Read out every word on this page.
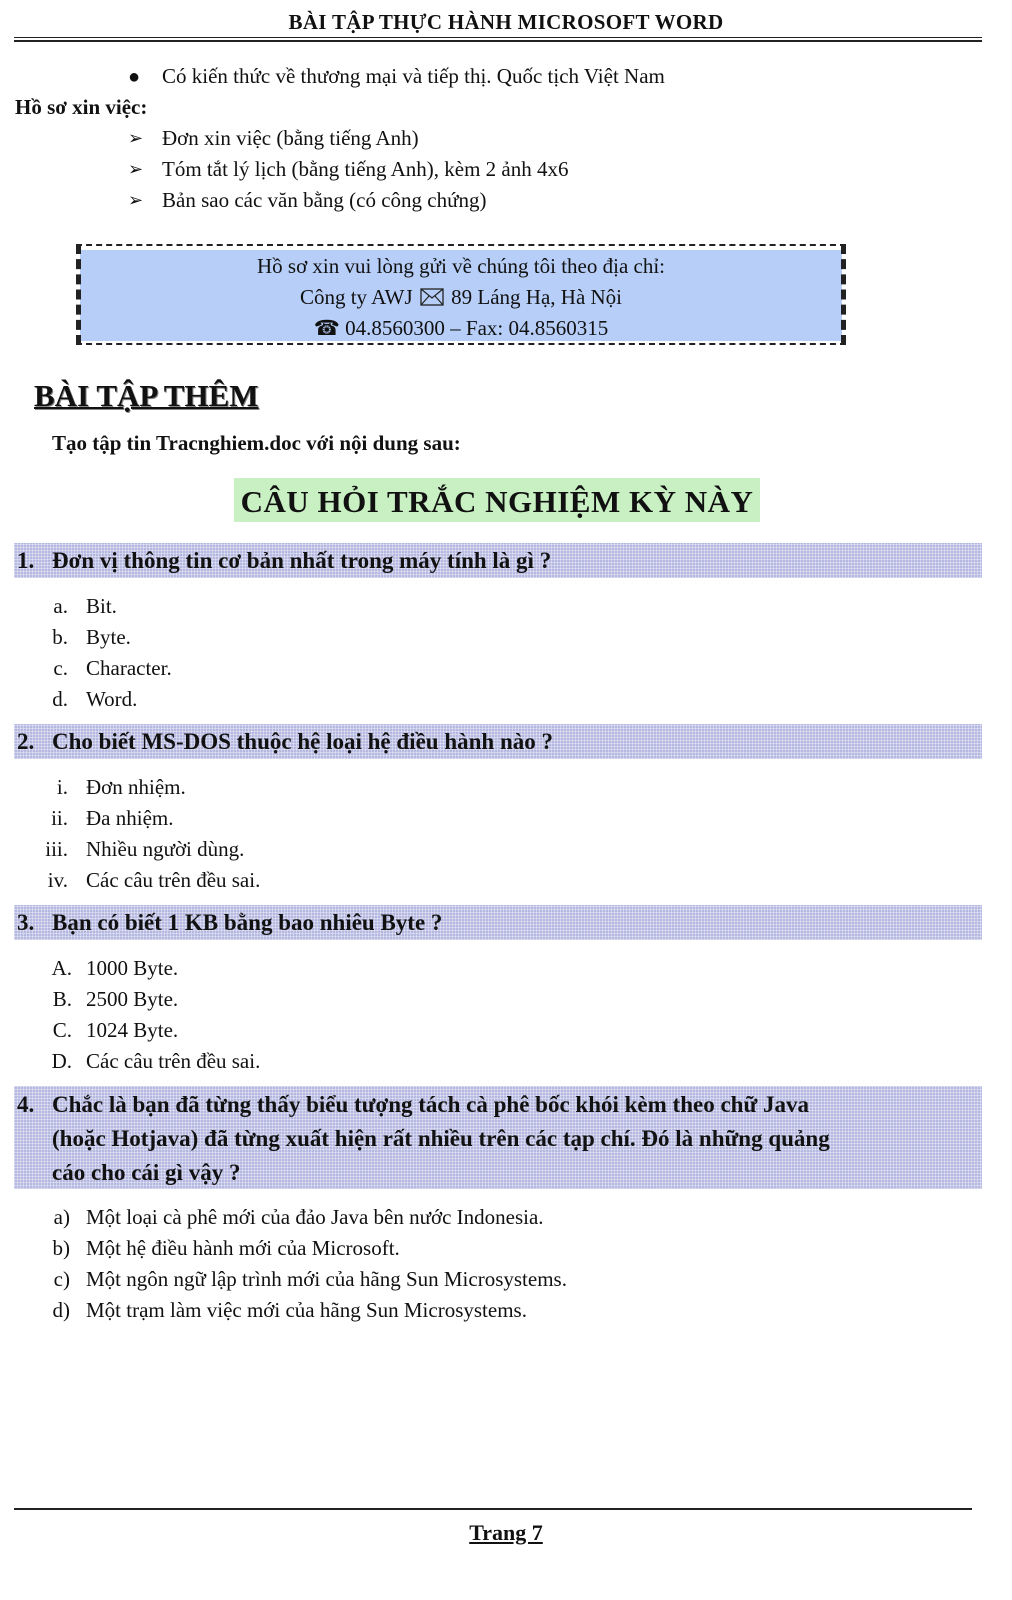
BÀI TẬP THỰC HÀNH MICROSOFT WORD
● Có kiến thức về thương mại và tiếp thị. Quốc tịch Việt Nam
Hồ sơ xin việc:
➢ Đơn xin việc (bằng tiếng Anh)
➢ Tóm tắt lý lịch (bằng tiếng Anh), kèm 2 ảnh 4x6
➢ Bản sao các văn bằng (có công chứng)
Hồ sơ xin vui lòng gửi về chúng tôi theo địa chỉ:
Công ty AWJ 89 Láng Hạ, Hà Nội
☎ 04.8560300 – Fax: 04.8560315
BÀI TẬP THÊM
Tạo tập tin Tracnghiem.doc với nội dung sau:
CÂU HỎI TRẮC NGHIỆM KỲ NÀY
1. Đơn vị thông tin cơ bản nhất trong máy tính là gì ?
a. Bit.
b. Byte.
c. Character.
d. Word.
2. Cho biết MS-DOS thuộc hệ loại hệ điều hành nào ?
i. Đơn nhiệm.
ii. Đa nhiệm.
iii. Nhiều người dùng.
iv. Các câu trên đều sai.
3. Bạn có biết 1 KB bằng bao nhiêu Byte ?
A. 1000 Byte.
B. 2500 Byte.
C. 1024 Byte.
D. Các câu trên đều sai.
4. Chắc là bạn đã từng thấy biểu tượng tách cà phê bốc khói kèm theo chữ Java
(hoặc Hotjava) đã từng xuất hiện rất nhiều trên các tạp chí. Đó là những quảng
cáo cho cái gì vậy ?
a) Một loại cà phê mới của đảo Java bên nước Indonesia.
b) Một hệ điều hành mới của Microsoft.
c) Một ngôn ngữ lập trình mới của hãng Sun Microsystems.
d) Một trạm làm việc mới của hãng Sun Microsystems.
Trang 7
